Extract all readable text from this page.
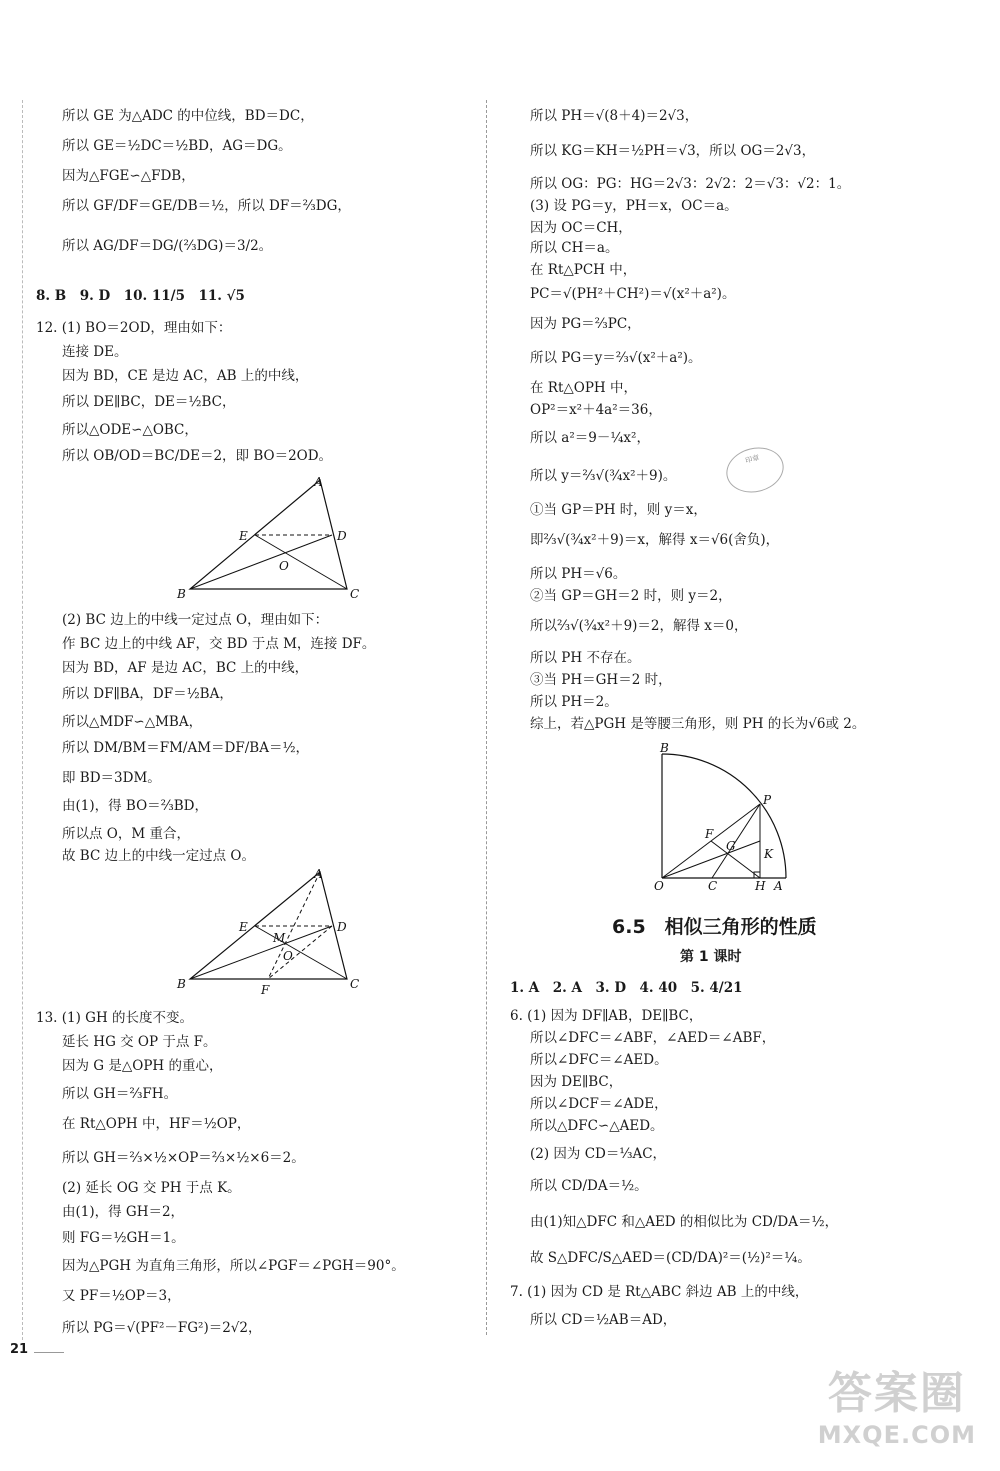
所以 GE 为△ADC 的中位线，BD＝DC，
所以 GE＝½DC＝½BD，AG＝DG。
因为△FGE∽△FDB，
所以 GF/DF＝GE/DB＝½，所以 DF＝⅔DG，
所以 AG/DF＝DG/(⅔DG)＝3/2。
8. B　9. D　10. 11/5　11. √5
12. (1) BO＝2OD，理由如下：
连接 DE。
因为 BD，CE 是边 AC，AB 上的中线，
所以 DE∥BC，DE＝½BC，
所以△ODE∽△OBC，
所以 OB/OD＝BC/DE＝2，即 BO＝2OD。
A
B	C
D
E
O
(2) BC 边上的中线一定过点 O，理由如下：
作 BC 边上的中线 AF，交 BD 于点 M，连接 DF。
因为 BD，AF 是边 AC，BC 上的中线，
所以 DF∥BA，DF＝½BA，
所以△MDF∽△MBA，
所以 DM/BM＝FM/AM＝DF/BA＝½，
即 BD＝3DM。
由(1)，得 BO＝⅔BD，
所以点 O，M 重合，
故 BC 边上的中线一定过点 O。
A
B	C
D
E
F
M
O
13. (1) GH 的长度不变。
延长 HG 交 OP 于点 F。
因为 G 是△OPH 的重心，
所以 GH＝⅔FH。
在 Rt△OPH 中，HF＝½OP，
所以 GH＝⅔×½×OP＝⅔×½×6＝2。
(2) 延长 OG 交 PH 于点 K。
由(1)，得 GH＝2，
则 FG＝½GH＝1。
因为△PGH 为直角三角形，所以∠PGF＝∠PGH＝90°。
又 PF＝½OP＝3，
所以 PG＝√(PF²－FG²)＝2√2，
21
所以 PH＝√(8＋4)＝2√3，
所以 KG＝KH＝½PH＝√3，所以 OG＝2√3，
所以 OG：PG：HG＝2√3：2√2：2＝√3：√2：1。
(3) 设 PG＝y，PH＝x，OC＝a。
因为 OC＝CH，
所以 CH＝a。
在 Rt△PCH 中，
PC＝√(PH²＋CH²)＝√(x²＋a²)。
因为 PG＝⅔PC，
所以 PG＝y＝⅔√(x²＋a²)。
在 Rt△OPH 中，
OP²＝x²＋4a²＝36，
所以 a²＝9－¼x²，
所以 y＝⅔√(¾x²＋9)。
①当 GP＝PH 时，则 y＝x，
即⅔√(¾x²＋9)＝x，解得 x＝√6(舍负)，
所以 PH＝√6。
②当 GP＝GH＝2 时，则 y＝2，
所以⅔√(¾x²＋9)＝2，解得 x＝0，
所以 PH 不存在。
③当 PH＝GH＝2 时，
所以 PH＝2。
综上，若△PGH 是等腰三角形，则 PH 的长为√6或 2。
印章
B
P
F
G
K
O	C	H A
6.5　相似三角形的性质
第 1 课时
1. A　2. A　3. D　4. 40　5. 4/21
6. (1) 因为 DF∥AB，DE∥BC，
所以∠DFC＝∠ABF，∠AED＝∠ABF，
所以∠DFC＝∠AED。
因为 DE∥BC，
所以∠DCF＝∠ADE，
所以△DFC∽△AED。
(2) 因为 CD＝⅓AC，
所以 CD/DA＝½。
由(1)知△DFC 和△AED 的相似比为 CD/DA＝½，
故 S△DFC/S△AED＝(CD/DA)²＝(½)²＝¼。
7. (1) 因为 CD 是 Rt△ABC 斜边 AB 上的中线，
所以 CD＝½AB＝AD，
答案圈
MXQE.COM
